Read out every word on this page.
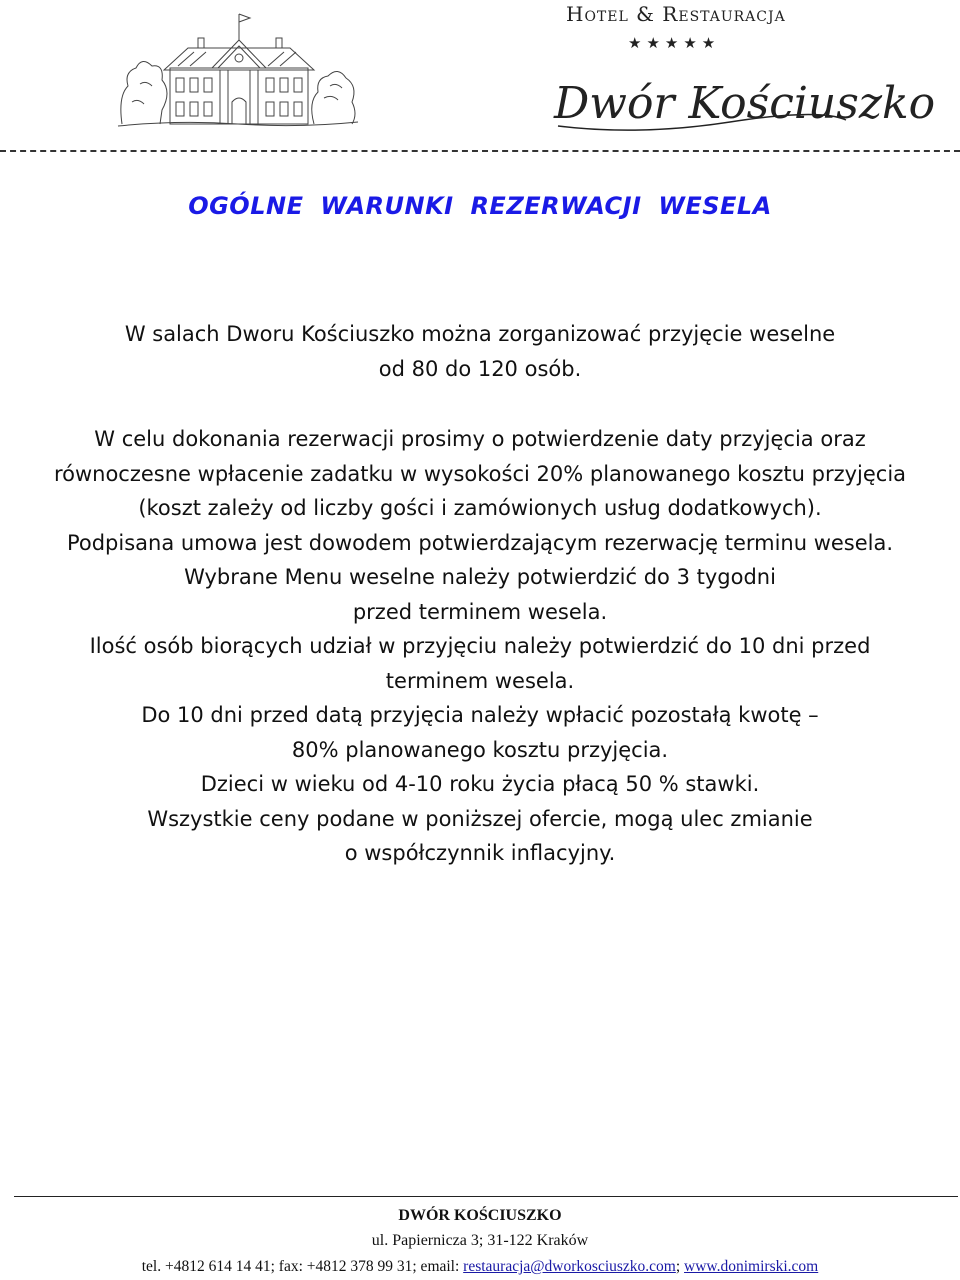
Hotel & Restauracja
★★★★★
Dwór Kościuszko
OGÓLNE WARUNKI REZERWACJI WESELA
W salach Dworu Kościuszko można zorganizować przyjęcie weselne
od 80 do 120 osób.
W celu dokonania rezerwacji prosimy o potwierdzenie daty przyjęcia oraz
równoczesne wpłacenie zadatku w wysokości 20% planowanego kosztu przyjęcia
(koszt zależy od liczby gości i zamówionych usług dodatkowych).
Podpisana umowa jest dowodem potwierdzającym rezerwację terminu wesela.
Wybrane Menu weselne należy potwierdzić do 3 tygodni
przed terminem wesela.
Ilość osób biorących udział w przyjęciu należy potwierdzić do 10 dni przed
terminem wesela.
Do 10 dni przed datą przyjęcia należy wpłacić pozostałą kwotę –
80% planowanego kosztu przyjęcia.
Dzieci w wieku od 4-10 roku życia płacą 50 % stawki.
Wszystkie ceny podane w poniższej ofercie, mogą ulec zmianie
o współczynnik inflacyjny.
DWÓR KOŚCIUSZKO
ul. Papiernicza 3; 31-122 Kraków
tel. +4812 614 14 41; fax: +4812 378 99 31; email: restauracja@dworkosciuszko.com; www.donimirski.com
